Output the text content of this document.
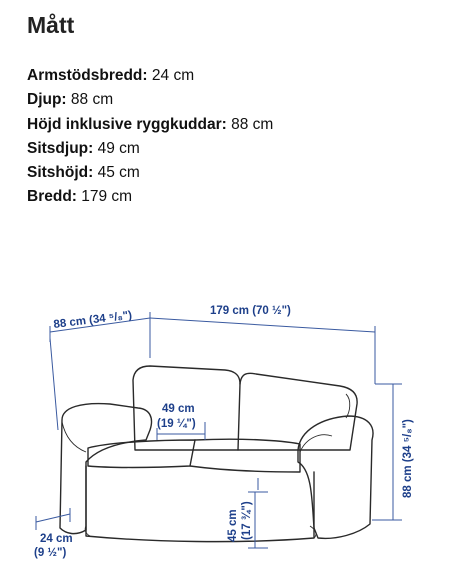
Mått
Armstödsbredd: 24 cm
Djup: 88 cm
Höjd inklusive ryggkuddar: 88 cm
Sitsdjup: 49 cm
Sitshöjd: 45 cm
Bredd: 179 cm
88 cm (34 ⁵/₈")	179 cm (70 ½")
88 cm (34 ⁵/₈")
49 cm
(19 ¼")
45 cm (17 ¾")
24 cm
(9 ½")
